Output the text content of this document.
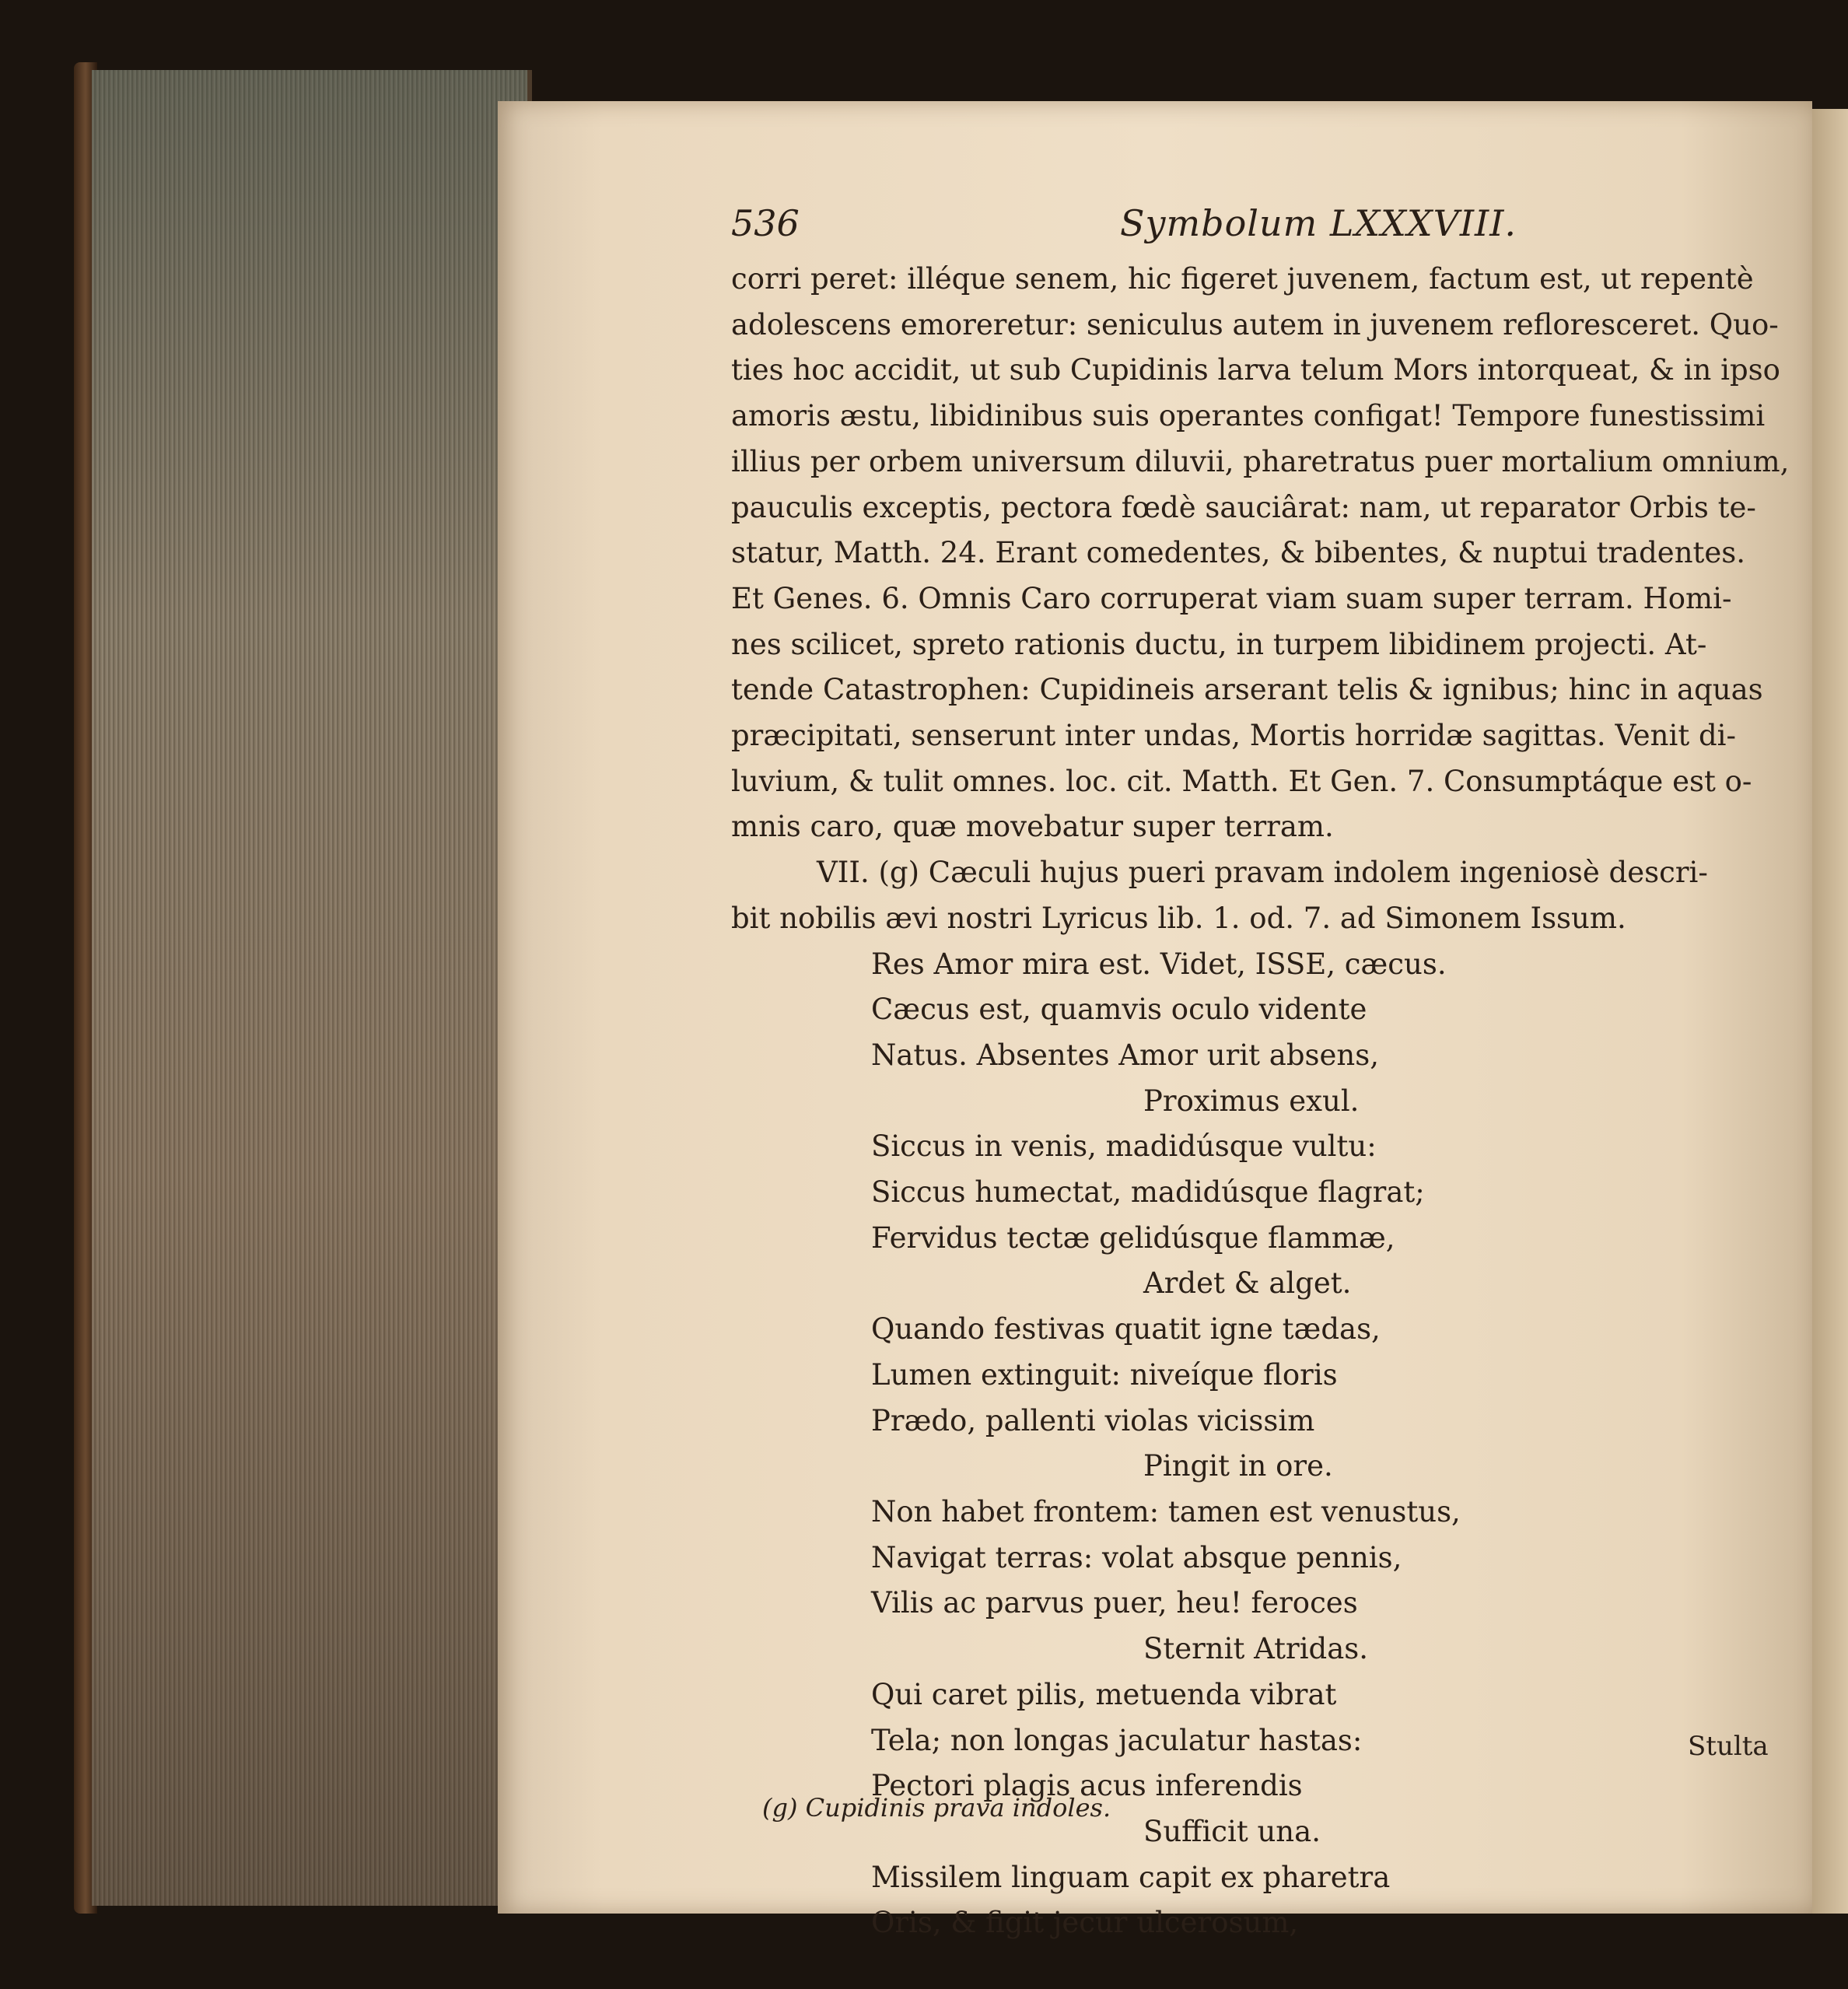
536	Symbolum LXXXVIII.
corri peret: illéque senem, hic figeret juvenem, factum est, ut repentè
adolescens emoreretur: seniculus autem in juvenem reflorescеret. Quo-
ties hoc accidit, ut sub Cupidinis larva telum Mors intorqueat, & in ipso
amoris æstu, libidinibus suis operantes configat! Tempore funestissimi
illius per orbem universum diluvii, pharetratus puer mortalium omnium,
pauculis exceptis, pectora fœdè sauciârat: nam, ut reparator Orbis te-
statur, Matth. 24. Erant comedentes, & bibentes, & nuptui tradentes.
Et Genes. 6. Omnis Caro corruperat viam suam super terram. Homi-
nes scilicet, spreto rationis ductu, in turpem libidinem projecti. At-
tende Catastrophen: Cupidineis arserant telis & ignibus; hinc in aquas
præcipitati, senserunt inter undas, Mortis horridæ sagittas. Venit di-
luvium, & tulit omnes. loc. cit. Matth. Et Gen. 7. Consumptáque est o-
mnis caro, quæ movebatur super terram.
VII. (g) Cæculi hujus pueri pravam indolem ingeniosè descri-
bit nobilis ævi nostri Lyricus lib. 1. od. 7. ad Simonem Issum.
Res Amor mira est. Videt, ISSE, cæcus.
Cæcus est, quamvis oculo vidente
Natus. Absentes Amor urit absens,
Proximus exul.
Siccus in venis, madidúsque vultu:
Siccus humectat, madidúsque flagrat;
Fervidus tectæ gelidúsque flammæ,
Ardet & alget.
Quando festivas quatit igne tædas,
Lumen extinguit: niveíque floris
Prædo, pallenti violas vicissim
Pingit in ore.
Non habet frontem: tamen est venustus,
Navigat terras: volat absque pennis,
Vilis ac parvus puer, heu! feroces
Sternit Atridas.
Qui caret pilis, metuenda vibrat
Tela; non longas jaculatur hastas:
Pectori plagis acus inferendis
Sufficit una.
Missilem linguam capit ex pharetra
Oris, & figit jecur ulcerosum,
Stulta
(g) Cupidinis prava indoles.
